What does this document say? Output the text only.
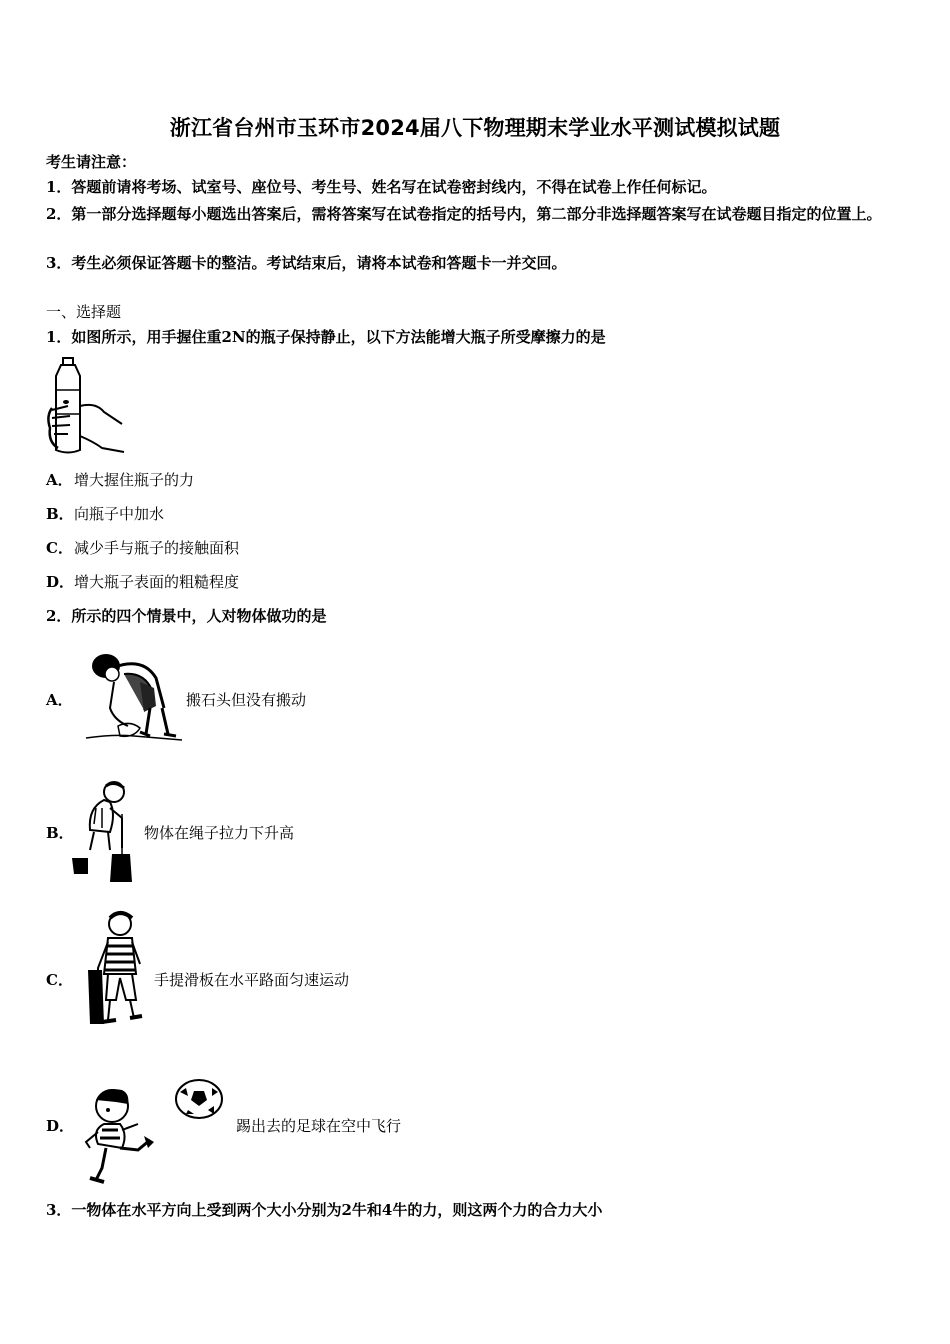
浙江省台州市玉环市2024届八下物理期末学业水平测试模拟试题
考生请注意：
1．答题前请将考场、试室号、座位号、考生号、姓名写在试卷密封线内，不得在试卷上作任何标记。
2．第一部分选择题每小题选出答案后，需将答案写在试卷指定的括号内，第二部分非选择题答案写在试卷题目指定的位置上。
3．考生必须保证答题卡的整洁。考试结束后，请将本试卷和答题卡一并交回。
一、选择题
1．如图所示，用手握住重2N的瓶子保持静止，以下方法能增大瓶子所受摩擦力的是
A． 增大握住瓶子的力
B． 向瓶子中加水
C． 减少手与瓶子的接触面积
D． 增大瓶子表面的粗糙程度
2．所示的四个情景中，人对物体做功的是
A．	搬石头但没有搬动
B．	物体在绳子拉力下升高
C．	手提滑板在水平路面匀速运动
D．	踢出去的足球在空中飞行
3．一物体在水平方向上受到两个大小分别为2牛和4牛的力，则这两个力的合力大小
